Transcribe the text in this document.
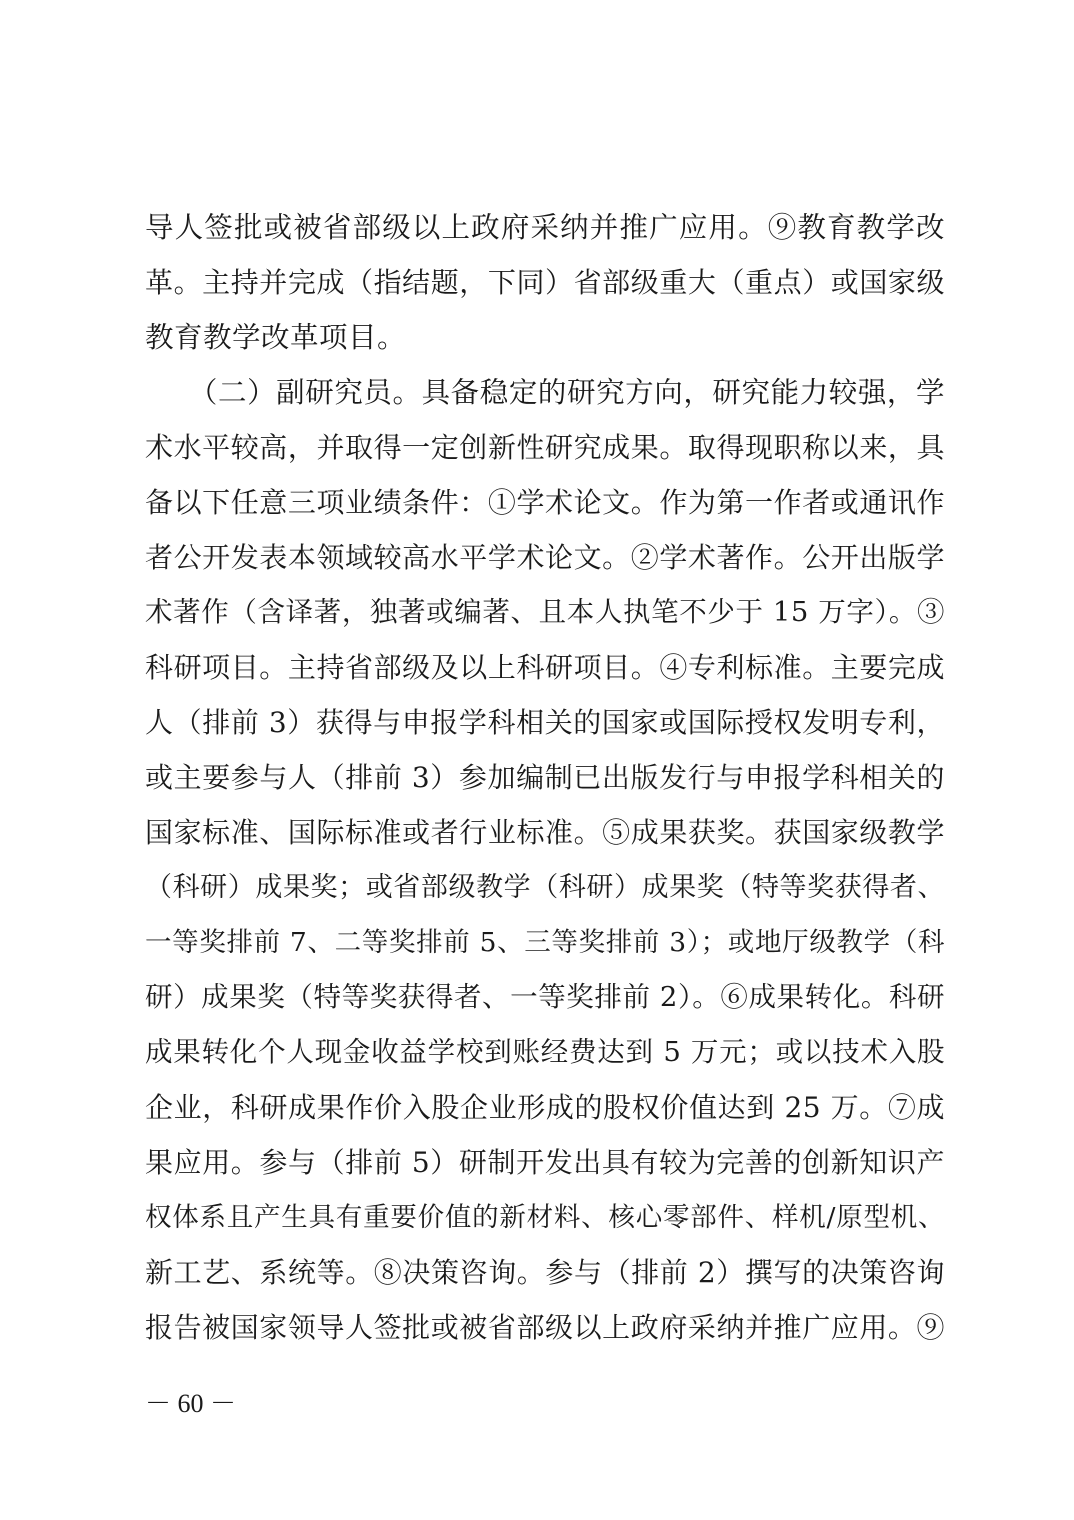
导人签批或被省部级以上政府采纳并推广应用。⑨教育教学改
革。主持并完成（指结题，下同）省部级重大（重点）或国家级
教育教学改革项目。
　　（二）副研究员。具备稳定的研究方向，研究能力较强，学
术水平较高，并取得一定创新性研究成果。取得现职称以来，具
备以下任意三项业绩条件：①学术论文。作为第一作者或通讯作
者公开发表本领域较高水平学术论文。②学术著作。公开出版学
术著作（含译著，独著或编著、且本人执笔不少于 15 万字）。③
科研项目。主持省部级及以上科研项目。④专利标准。主要完成
人（排前 3）获得与申报学科相关的国家或国际授权发明专利，
或主要参与人（排前 3）参加编制已出版发行与申报学科相关的
国家标准、国际标准或者行业标准。⑤成果获奖。获国家级教学
（科研）成果奖；或省部级教学（科研）成果奖（特等奖获得者、
一等奖排前 7、二等奖排前 5、三等奖排前 3）；或地厅级教学（科
研）成果奖（特等奖获得者、一等奖排前 2）。⑥成果转化。科研
成果转化个人现金收益学校到账经费达到 5 万元；或以技术入股
企业，科研成果作价入股企业形成的股权价值达到 25 万。⑦成
果应用。参与（排前 5）研制开发出具有较为完善的创新知识产
权体系且产生具有重要价值的新材料、核心零部件、样机/原型机、
新工艺、系统等。⑧决策咨询。参与（排前 2）撰写的决策咨询
报告被国家领导人签批或被省部级以上政府采纳并推广应用。⑨
－ 60 －
